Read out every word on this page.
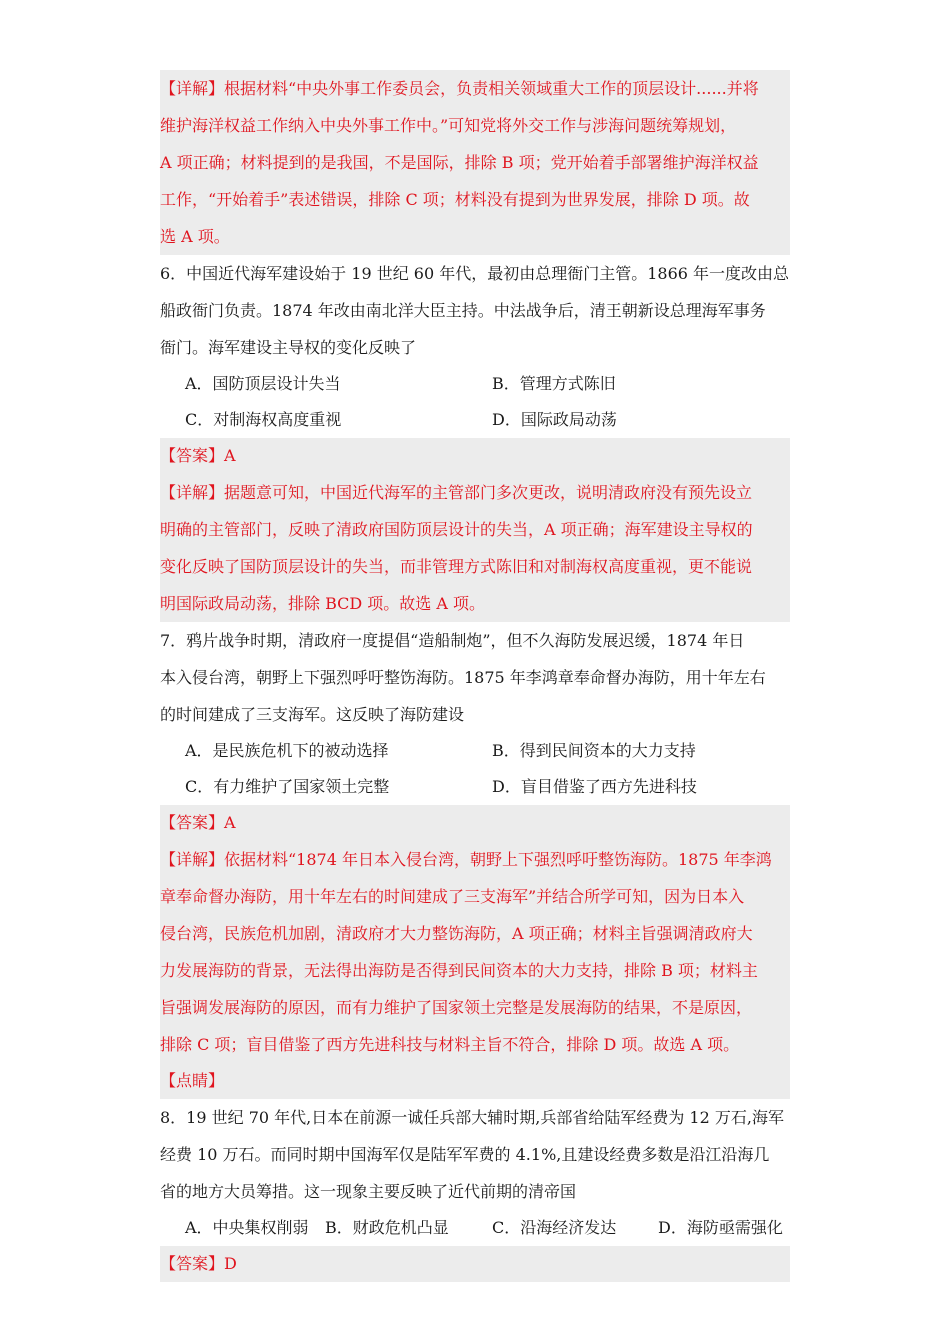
【详解】根据材料“中央外事工作委员会，负责相关领域重大工作的顶层设计......并将
维护海洋权益工作纳入中央外事工作中。”可知党将外交工作与涉海问题统筹规划，
A 项正确；材料提到的是我国，不是国际，排除 B 项；党开始着手部署维护海洋权益
工作，“开始着手”表述错误，排除 C 项；材料没有提到为世界发展，排除 D 项。故
选 A 项。
6．中国近代海军建设始于 19 世纪 60 年代，最初由总理衙门主管。1866 年一度改由总
船政衙门负责。1874 年改由南北洋大臣主持。中法战争后，清王朝新设总理海军事务
衙门。海军建设主导权的变化反映了
A．国防顶层设计失当	B．管理方式陈旧
C．对制海权高度重视	D．国际政局动荡
【答案】A
【详解】据题意可知，中国近代海军的主管部门多次更改，说明清政府没有预先设立
明确的主管部门，反映了清政府国防顶层设计的失当，A 项正确；海军建设主导权的
变化反映了国防顶层设计的失当，而非管理方式陈旧和对制海权高度重视，更不能说
明国际政局动荡，排除 BCD 项。故选 A 项。
7．鸦片战争时期，清政府一度提倡“造船制炮”，但不久海防发展迟缓，1874 年日
本入侵台湾，朝野上下强烈呼吁整饬海防。1875 年李鸿章奉命督办海防，用十年左右
的时间建成了三支海军。这反映了海防建设
A．是民族危机下的被动选择	B．得到民间资本的大力支持
C．有力维护了国家领土完整	D．盲目借鉴了西方先进科技
【答案】A
【详解】依据材料“1874 年日本入侵台湾，朝野上下强烈呼吁整饬海防。1875 年李鸿
章奉命督办海防，用十年左右的时间建成了三支海军”并结合所学可知，因为日本入
侵台湾，民族危机加剧，清政府才大力整饬海防，A 项正确；材料主旨强调清政府大
力发展海防的背景，无法得出海防是否得到民间资本的大力支持，排除 B 项；材料主
旨强调发展海防的原因，而有力维护了国家领土完整是发展海防的结果，不是原因，
排除 C 项；盲目借鉴了西方先进科技与材料主旨不符合，排除 D 项。故选 A 项。
【点睛】
8．19 世纪 70 年代,日本在前源一诚任兵部大辅时期,兵部省给陆军经费为 12 万石,海军
经费 10 万石。而同时期中国海军仅是陆军军费的 4.1%,且建设经费多数是沿江沿海几
省的地方大员筹措。这一现象主要反映了近代前期的清帝国
A．中央集权削弱 B．财政危机凸显	C．沿海经济发达	D．海防亟需强化
【答案】D
